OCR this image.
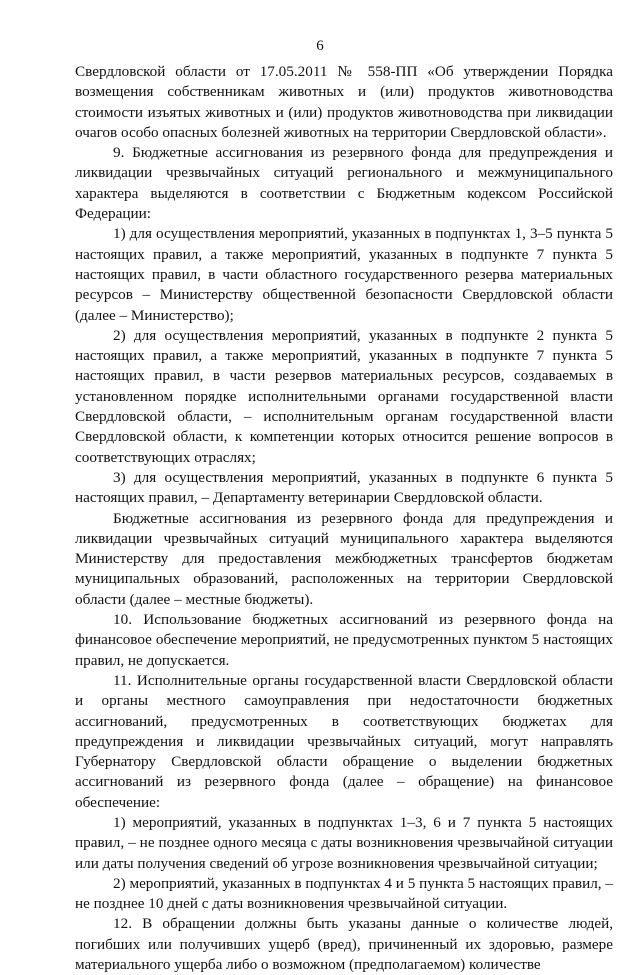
6

Свердловской области от 17.05.2011 № 558-ПП «Об утверждении Порядка возмещения собственникам животных и (или) продуктов животноводства стоимости изъятых животных и (или) продуктов животноводства при ликвидации очагов особо опасных болезней животных на территории Свердловской области».

9. Бюджетные ассигнования из резервного фонда для предупреждения и ликвидации чрезвычайных ситуаций регионального и межмуниципального характера выделяются в соответствии с Бюджетным кодексом Российской Федерации:

1) для осуществления мероприятий, указанных в подпунктах 1, 3–5 пункта 5 настоящих правил, а также мероприятий, указанных в подпункте 7 пункта 5 настоящих правил, в части областного государственного резерва материальных ресурсов – Министерству общественной безопасности Свердловской области (далее – Министерство);

2) для осуществления мероприятий, указанных в подпункте 2 пункта 5 настоящих правил, а также мероприятий, указанных в подпункте 7 пункта 5 настоящих правил, в части резервов материальных ресурсов, создаваемых в установленном порядке исполнительными органами государственной власти Свердловской области, – исполнительным органам государственной власти Свердловской области, к компетенции которых относится решение вопросов в соответствующих отраслях;

3) для осуществления мероприятий, указанных в подпункте 6 пункта 5 настоящих правил, – Департаменту ветеринарии Свердловской области.

Бюджетные ассигнования из резервного фонда для предупреждения и ликвидации чрезвычайных ситуаций муниципального характера выделяются Министерству для предоставления межбюджетных трансфертов бюджетам муниципальных образований, расположенных на территории Свердловской области (далее – местные бюджеты).

10. Использование бюджетных ассигнований из резервного фонда на финансовое обеспечение мероприятий, не предусмотренных пунктом 5 настоящих правил, не допускается.

11. Исполнительные органы государственной власти Свердловской области и органы местного самоуправления при недостаточности бюджетных ассигнований, предусмотренных в соответствующих бюджетах для предупреждения и ликвидации чрезвычайных ситуаций, могут направлять Губернатору Свердловской области обращение о выделении бюджетных ассигнований из резервного фонда (далее – обращение) на финансовое обеспечение:

1) мероприятий, указанных в подпунктах 1–3, 6 и 7 пункта 5 настоящих правил, – не позднее одного месяца с даты возникновения чрезвычайной ситуации или даты получения сведений об угрозе возникновения чрезвычайной ситуации;

2) мероприятий, указанных в подпунктах 4 и 5 пункта 5 настоящих правил, – не позднее 10 дней с даты возникновения чрезвычайной ситуации.

12. В обращении должны быть указаны данные о количестве людей, погибших или получивших ущерб (вред), причиненный их здоровью, размере материального ущерба либо о возможном (предполагаемом) количестве
